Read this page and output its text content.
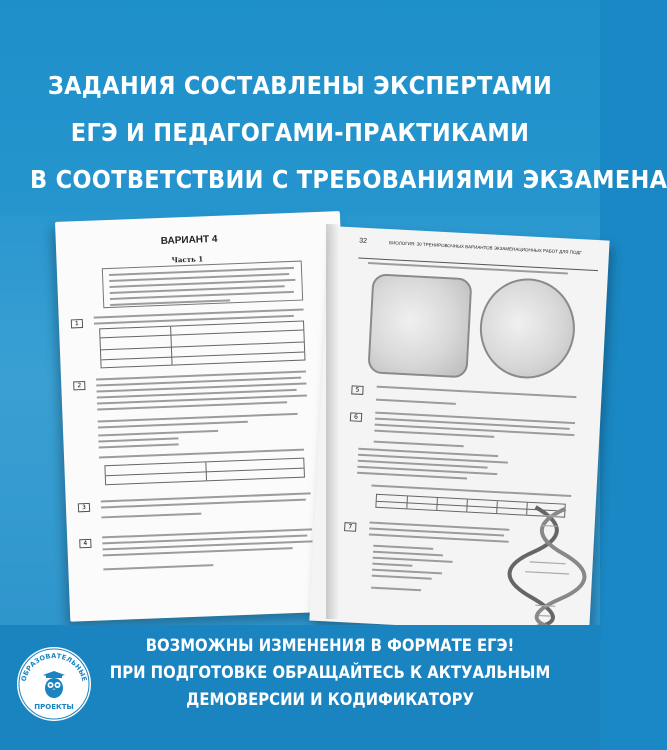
ЗАДАНИЯ СОСТАВЛЕНЫ ЭКСПЕРТАМИ
ЕГЭ И ПЕДАГОГАМИ-ПРАКТИКАМИ
В СООТВЕТСТВИИ С ТРЕБОВАНИЯМИ ЭКЗАМЕНА
ВАРИАНТ 4
Часть 1
1
2
3
4
32	БИОЛОГИЯ: 30 ТРЕНИРОВОЧНЫХ ВАРИАНТОВ ЭКЗАМЕНАЦИОННЫХ РАБОТ ДЛЯ ПОДГ
5
6
7
ВОЗМОЖНЫ ИЗМЕНЕНИЯ В ФОРМАТЕ ЕГЭ!
ПРИ ПОДГОТОВКЕ ОБРАЩАЙТЕСЬ К АКТУАЛЬНЫМ
ДЕМОВЕРСИИ И КОДИФИКАТОРУ
ОБРАЗОВАТЕЛЬНЫЕ
ПРОЕКТЫ
